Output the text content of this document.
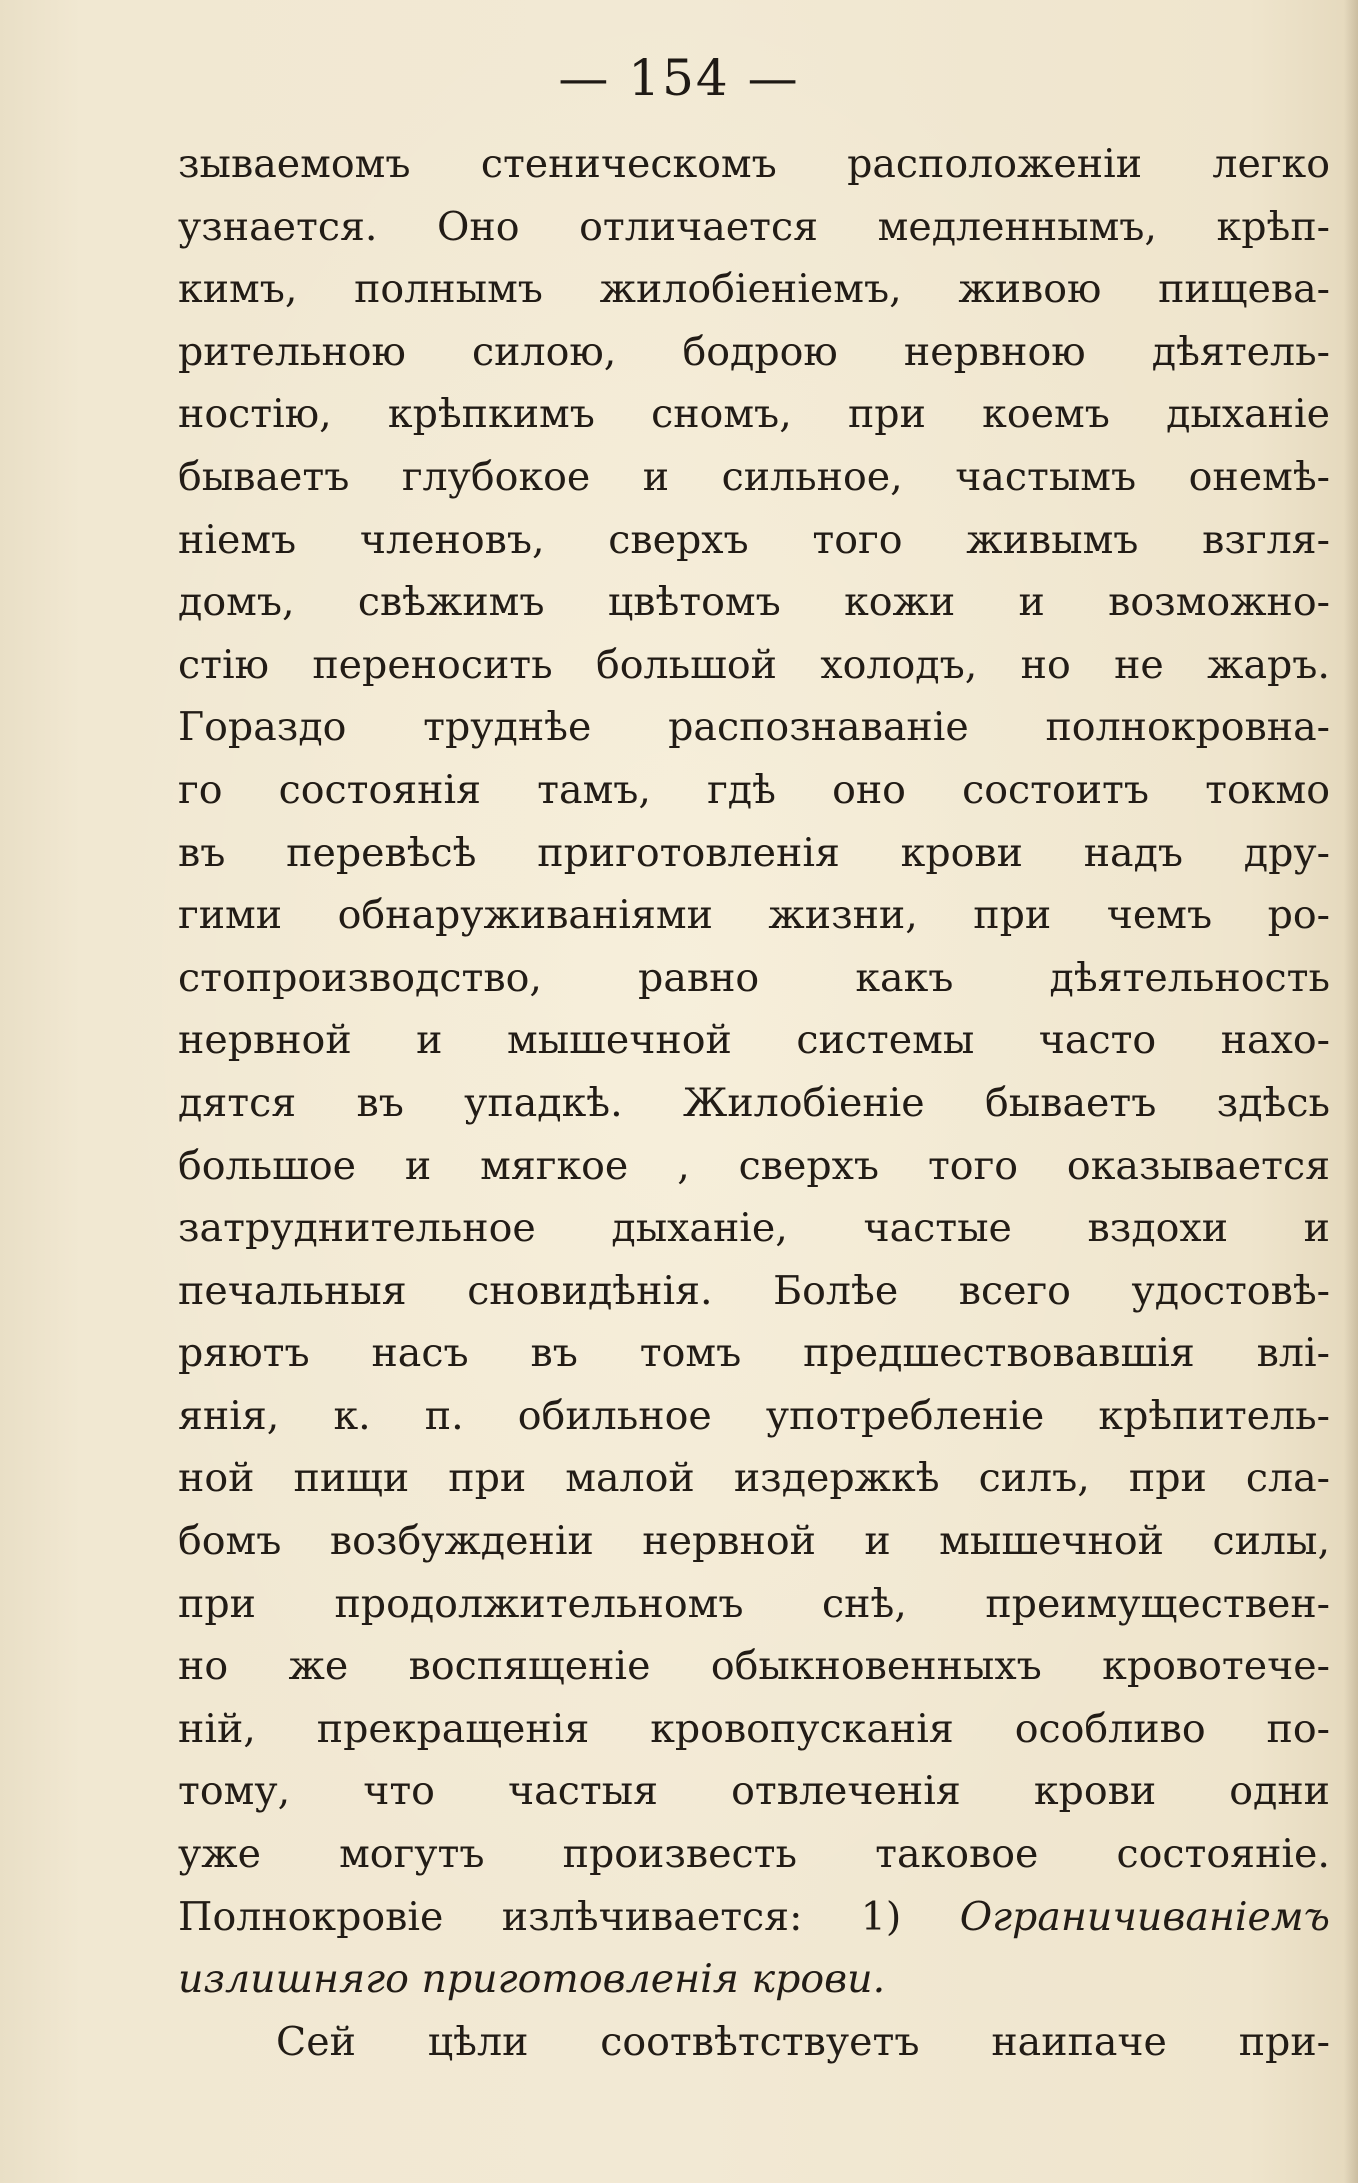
— 154 —
зываемомъ стеническомъ расположеніи легко
узнается. Оно отличается медленнымъ, крѣп-
кимъ, полнымъ жилобіеніемъ, живою пищева-
рительною силою, бодрою нервною дѣятель-
ностію, крѣпкимъ сномъ, при коемъ дыханіе
бываетъ глубокое и сильное, частымъ онемѣ-
ніемъ членовъ, сверхъ того живымъ взгля-
домъ, свѣжимъ цвѣтомъ кожи и возможно-
стію переносить большой холодъ, но не жаръ.
Гораздо труднѣе распознаваніе полнокровна-
го состоянія тамъ, гдѣ оно состоитъ токмо
въ перевѣсѣ приготовленія крови надъ дру-
гими обнаруживаніями жизни, при чемъ ро-
стопроизводство, равно какъ дѣятельность
нервной и мышечной системы часто нахо-
дятся въ упадкѣ. Жилобіеніе бываетъ здѣсь
большое и мягкое , сверхъ того оказывается
затруднительное дыханіе, частые вздохи и
печальныя сновидѣнія. Болѣе всего удостовѣ-
ряютъ насъ въ томъ предшествовавшія влі-
янія, к. п. обильное употребленіе крѣпитель-
ной пищи при малой издержкѣ силъ, при сла-
бомъ возбужденіи нервной и мышечной силы,
при продолжительномъ снѣ, преимуществен-
но же воспященіе обыкновенныхъ кровотече-
ній, прекращенія кровопусканія особливо по-
тому, что частыя отвлеченія крови одни
уже могутъ произвесть таковое состояніе.
Полнокровіе излѣчивается: 1) Ограничиваніемъ
излишняго приготовленія крови.
Сей цѣли соотвѣтствуетъ наипаче при-
